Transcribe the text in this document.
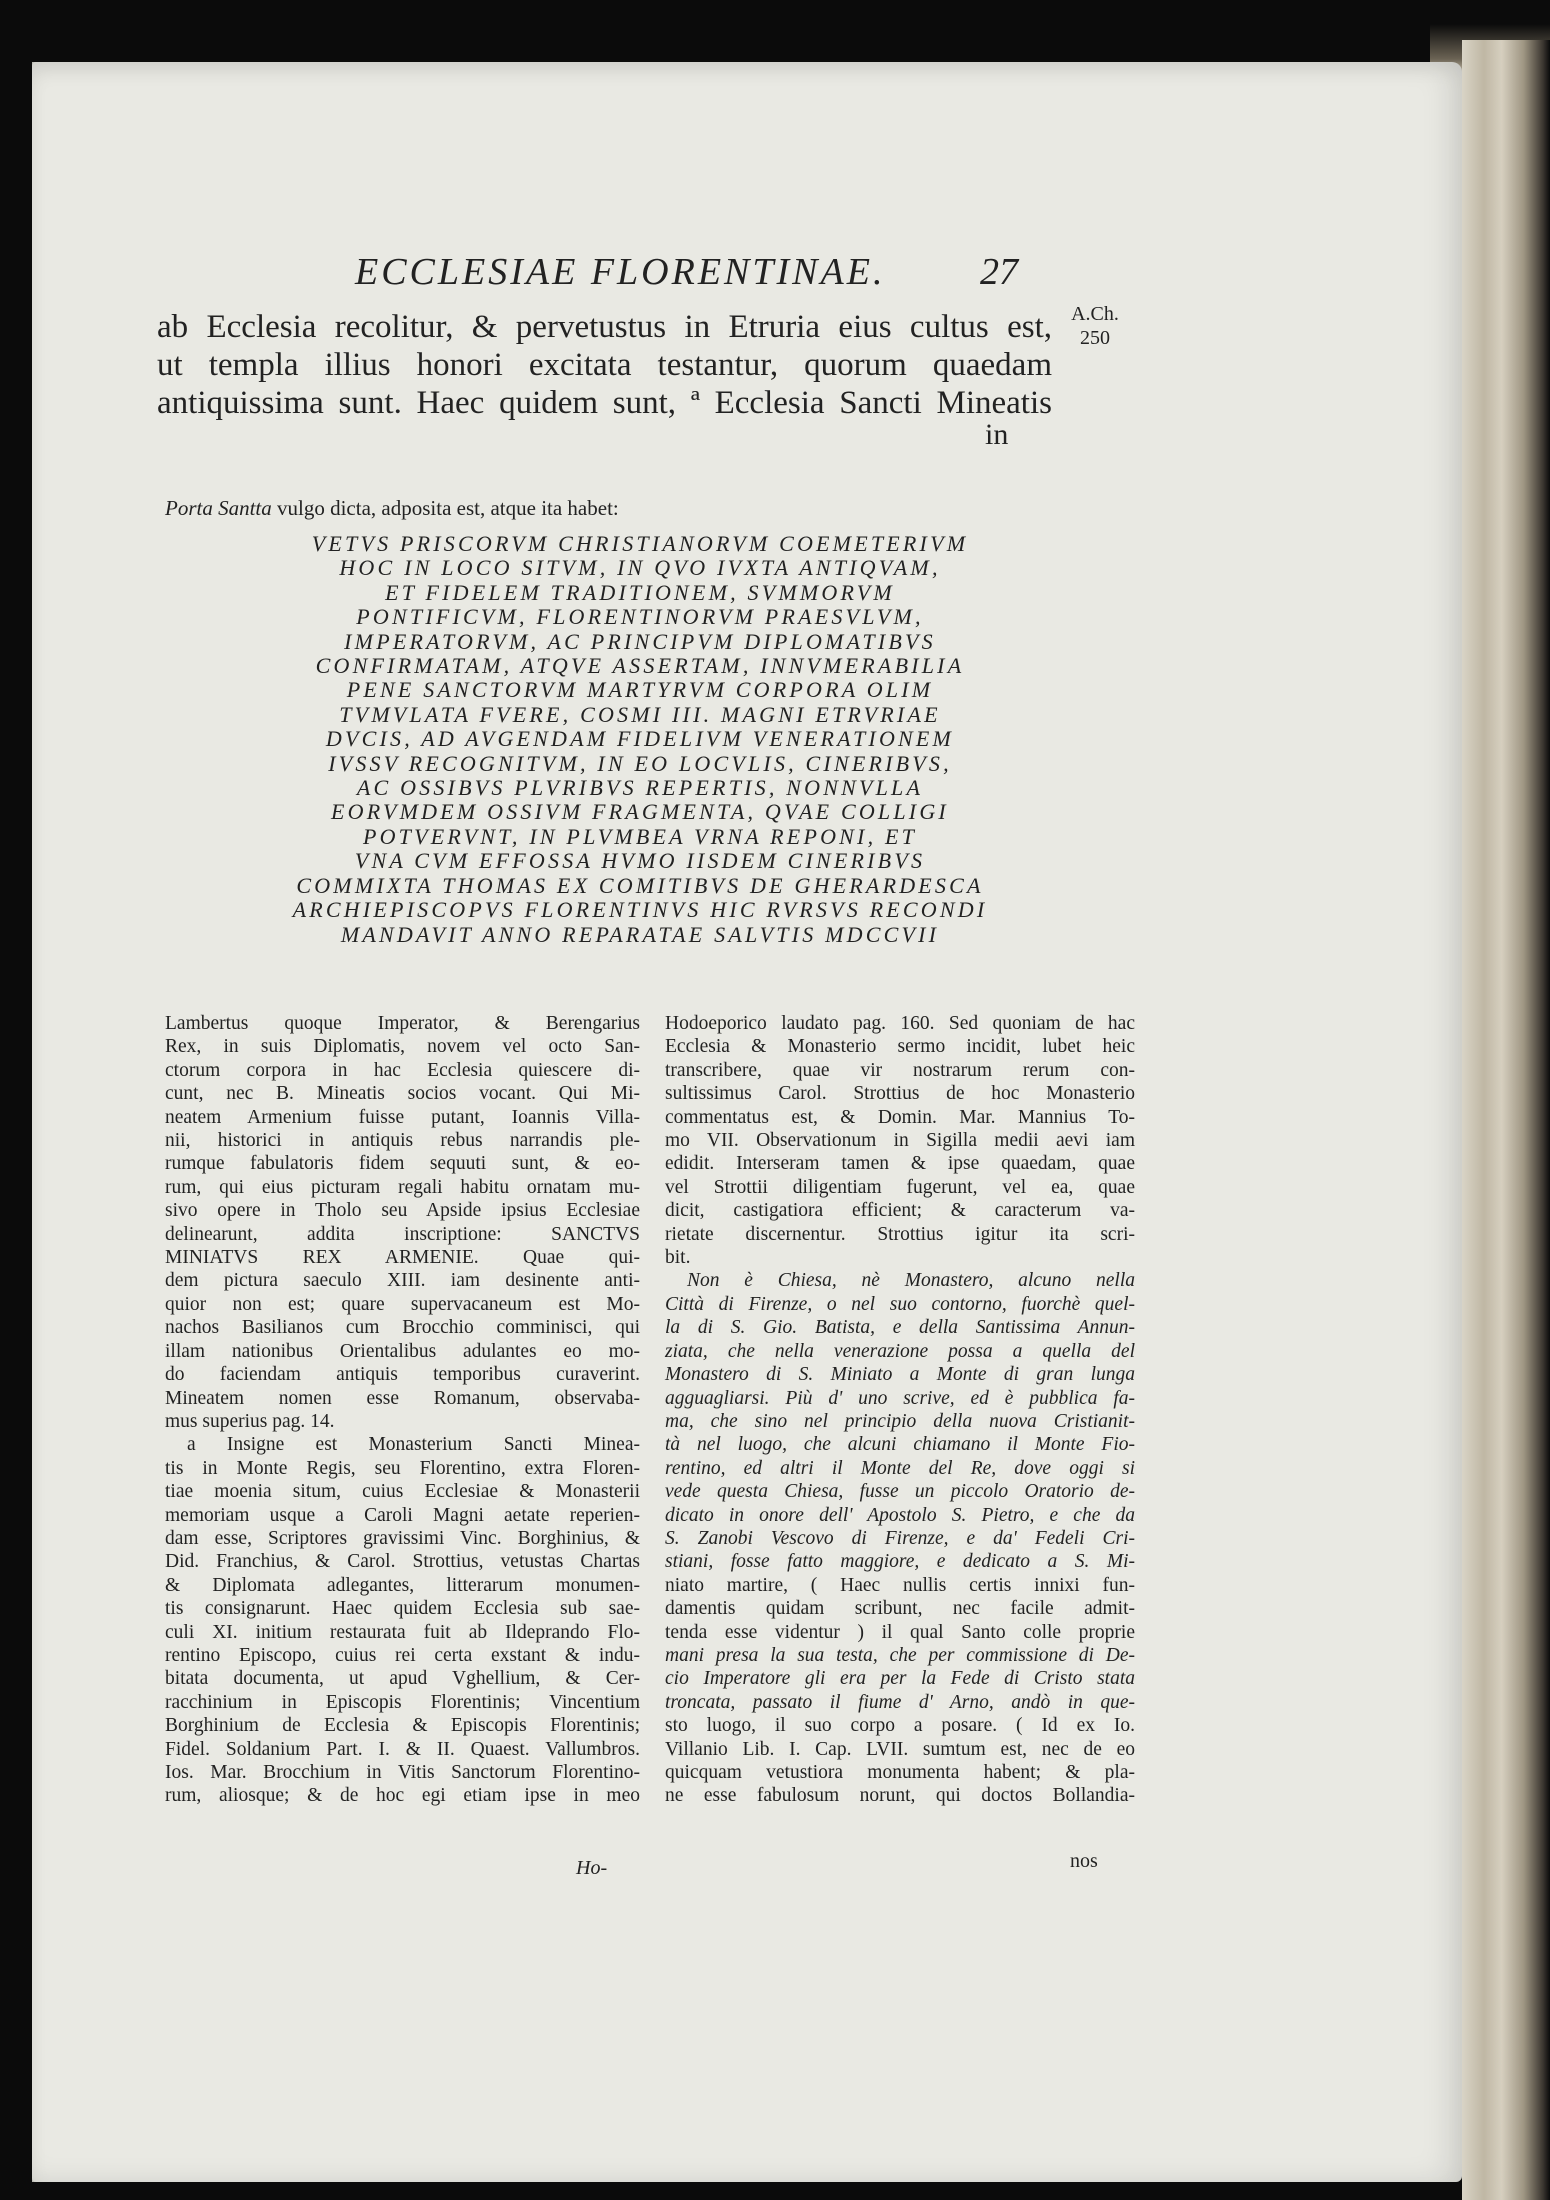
ECCLESIAE FLORENTINAE. 27
A.Ch.
250
ab Ecclesia recolitur, & pervetustus in Etruria eius cultus est,
ut templa illius honori excitata testantur, quorum quaedam
antiquissima sunt. Haec quidem sunt, ª Ecclesia Sancti Mineatis
in
Porta Santta vulgo dicta, adposita est, atque ita habet:
VETVS PRISCORVM CHRISTIANORVM COEMETERIVM
HOC IN LOCO SITVM, IN QVO IVXTA ANTIQVAM,
ET FIDELEM TRADITIONEM, SVMMORVM
PONTIFICVM, FLORENTINORVM PRAESVLVM,
IMPERATORVM, AC PRINCIPVM DIPLOMATIBVS
CONFIRMATAM, ATQVE ASSERTAM, INNVMERABILIA
PENE SANCTORVM MARTYRVM CORPORA OLIM
TVMVLATA FVERE, COSMI III. MAGNI ETRVRIAE
DVCIS, AD AVGENDAM FIDELIVM VENERATIONEM
IVSSV RECOGNITVM, IN EO LOCVLIS, CINERIBVS,
AC OSSIBVS PLVRIBVS REPERTIS, NONNVLLA
EORVMDEM OSSIVM FRAGMENTA, QVAE COLLIGI
POTVERVNT, IN PLVMBEA VRNA REPONI, ET
VNA CVM EFFOSSA HVMO IISDEM CINERIBVS
COMMIXTA THOMAS EX COMITIBVS DE GHERARDESCA
ARCHIEPISCOPVS FLORENTINVS HIC RVRSVS RECONDI
MANDAVIT ANNO REPARATAE SALVTIS MDCCVII
Lambertus quoque Imperator, & Berengarius
Rex, in suis Diplomatis, novem vel octo San-
ctorum corpora in hac Ecclesia quiescere di-
cunt, nec B. Mineatis socios vocant. Qui Mi-
neatem Armenium fuisse putant, Ioannis Villa-
nii, historici in antiquis rebus narrandis ple-
rumque fabulatoris fidem sequuti sunt, & eo-
rum, qui eius picturam regali habitu ornatam mu-
sivo opere in Tholo seu Apside ipsius Ecclesiae
delinearunt, addita inscriptione: SANCTVS
MINIATVS REX ARMENIE. Quae qui-
dem pictura saeculo XIII. iam desinente anti-
quior non est; quare supervacaneum est Mo-
nachos Basilianos cum Brocchio comminisci, qui
illam nationibus Orientalibus adulantes eo mo-
do faciendam antiquis temporibus curaverint.
Mineatem nomen esse Romanum, observaba-
mus superius pag. 14.
a Insigne est Monasterium Sancti Minea-
tis in Monte Regis, seu Florentino, extra Floren-
tiae moenia situm, cuius Ecclesiae & Monasterii
memoriam usque a Caroli Magni aetate reperien-
dam esse, Scriptores gravissimi Vinc. Borghinius, &
Did. Franchius, & Carol. Strottius, vetustas Chartas
& Diplomata adlegantes, litterarum monumen-
tis consignarunt. Haec quidem Ecclesia sub sae-
culi XI. initium restaurata fuit ab Ildeprando Flo-
rentino Episcopo, cuius rei certa exstant & indu-
bitata documenta, ut apud Vghellium, & Cer-
racchinium in Episcopis Florentinis; Vincentium
Borghinium de Ecclesia & Episcopis Florentinis;
Fidel. Soldanium Part. I. & II. Quaest. Vallumbros.
Ios. Mar. Brocchium in Vitis Sanctorum Florentino-
rum, aliosque; & de hoc egi etiam ipse in meo
Hodoeporico laudato pag. 160. Sed quoniam de hac
Ecclesia & Monasterio sermo incidit, lubet heic
transcribere, quae vir nostrarum rerum con-
sultissimus Carol. Strottius de hoc Monasterio
commentatus est, & Domin. Mar. Mannius To-
mo VII. Observationum in Sigilla medii aevi iam
edidit. Interseram tamen & ipse quaedam, quae
vel Strottii diligentiam fugerunt, vel ea, quae
dicit, castigatiora efficient; & caracterum va-
rietate discernentur. Strottius igitur ita scri-
bit.
Non è Chiesa, nè Monastero, alcuno nella
Città di Firenze, o nel suo contorno, fuorchè quel-
la di S. Gio. Batista, e della Santissima Annun-
ziata, che nella venerazione possa a quella del
Monastero di S. Miniato a Monte di gran lunga
agguagliarsi. Più d' uno scrive, ed è pubblica fa-
ma, che sino nel principio della nuova Cristianit-
tà nel luogo, che alcuni chiamano il Monte Fio-
rentino, ed altri il Monte del Re, dove oggi si
vede questa Chiesa, fusse un piccolo Oratorio de-
dicato in onore dell' Apostolo S. Pietro, e che da
S. Zanobi Vescovo di Firenze, e da' Fedeli Cri-
stiani, fosse fatto maggiore, e dedicato a S. Mi-
niato martire, ( Haec nullis certis innixi fun-
damentis quidam scribunt, nec facile admit-
tenda esse videntur ) il qual Santo colle proprie
mani presa la sua testa, che per commissione di De-
cio Imperatore gli era per la Fede di Cristo stata
troncata, passato il fiume d' Arno, andò in que-
sto luogo, il suo corpo a posare. ( Id ex Io.
Villanio Lib. I. Cap. LVII. sumtum est, nec de eo
quicquam vetustiora monumenta habent; & pla-
ne esse fabulosum norunt, qui doctos Bollandia-
Ho-	nos
